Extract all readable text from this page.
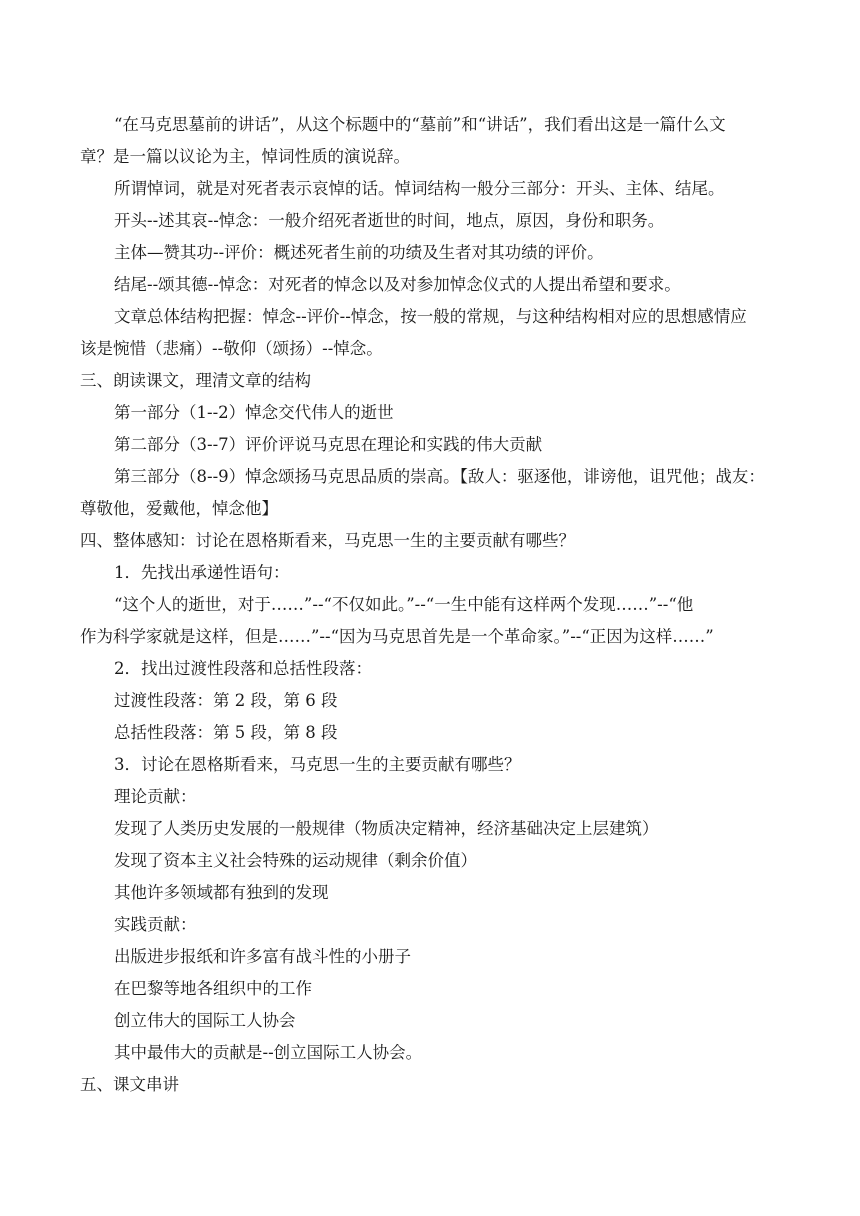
“在马克思墓前的讲话”，从这个标题中的“墓前”和“讲话”，我们看出这是一篇什么文
章？是一篇以议论为主，悼词性质的演说辞。
所谓悼词，就是对死者表示哀悼的话。悼词结构一般分三部分：开头、主体、结尾。
开头--述其哀--悼念：一般介绍死者逝世的时间，地点，原因，身份和职务。
主体—赞其功--评价：概述死者生前的功绩及生者对其功绩的评价。
结尾--颂其德--悼念：对死者的悼念以及对参加悼念仪式的人提出希望和要求。
文章总体结构把握：悼念--评价--悼念，按一般的常规，与这种结构相对应的思想感情应
该是惋惜（悲痛）--敬仰（颂扬）--悼念。
三、朗读课文，理清文章的结构
第一部分（1--2）悼念交代伟人的逝世
第二部分（3--7）评价评说马克思在理论和实践的伟大贡献
第三部分（8--9）悼念颂扬马克思品质的崇高。【敌人：驱逐他，诽谤他，诅咒他；战友：
尊敬他，爱戴他，悼念他】
四、整体感知：讨论在恩格斯看来，马克思一生的主要贡献有哪些？
1．先找出承递性语句：
“这个人的逝世，对于……”--“不仅如此。”--“一生中能有这样两个发现……”--“他
作为科学家就是这样，但是……”--“因为马克思首先是一个革命家。”--“正因为这样……”
2．找出过渡性段落和总括性段落：
过渡性段落：第 2 段，第 6 段
总括性段落：第 5 段，第 8 段
3．讨论在恩格斯看来，马克思一生的主要贡献有哪些？
理论贡献：
发现了人类历史发展的一般规律（物质决定精神，经济基础决定上层建筑）
发现了资本主义社会特殊的运动规律（剩余价值）
其他许多领域都有独到的发现
实践贡献：
出版进步报纸和许多富有战斗性的小册子
在巴黎等地各组织中的工作
创立伟大的国际工人协会
其中最伟大的贡献是--创立国际工人协会。
五、课文串讲
